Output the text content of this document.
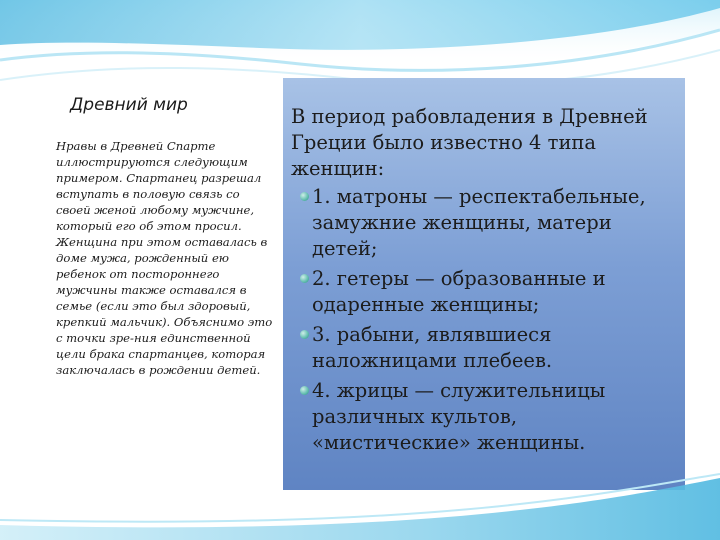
Древний мир

Нравы в Древней Спарте иллюстрируются следующим примером. Спартанец разрешал вступать в половую связь со своей женой любому мужчине, который его об этом просил. Женщина при этом оставалась в доме мужа, рожденный ею ребенок от постороннего мужчины также оставался в семье (если это был здоровый, крепкий мальчик). Объяснимо это с точки зре-ния единственной цели брака спартанцев, которая заключалась в рождении детей.

В период рабовладения в Древней Греции было известно 4 типа женщин:

1. матроны — респектабельные, замужние женщины, матери детей;
2. гетеры — образованные и одаренные женщины;
3. рабыни, являвшиеся наложницами плебеев.
4. жрицы — служительницы различных культов, «мистические» женщины.
